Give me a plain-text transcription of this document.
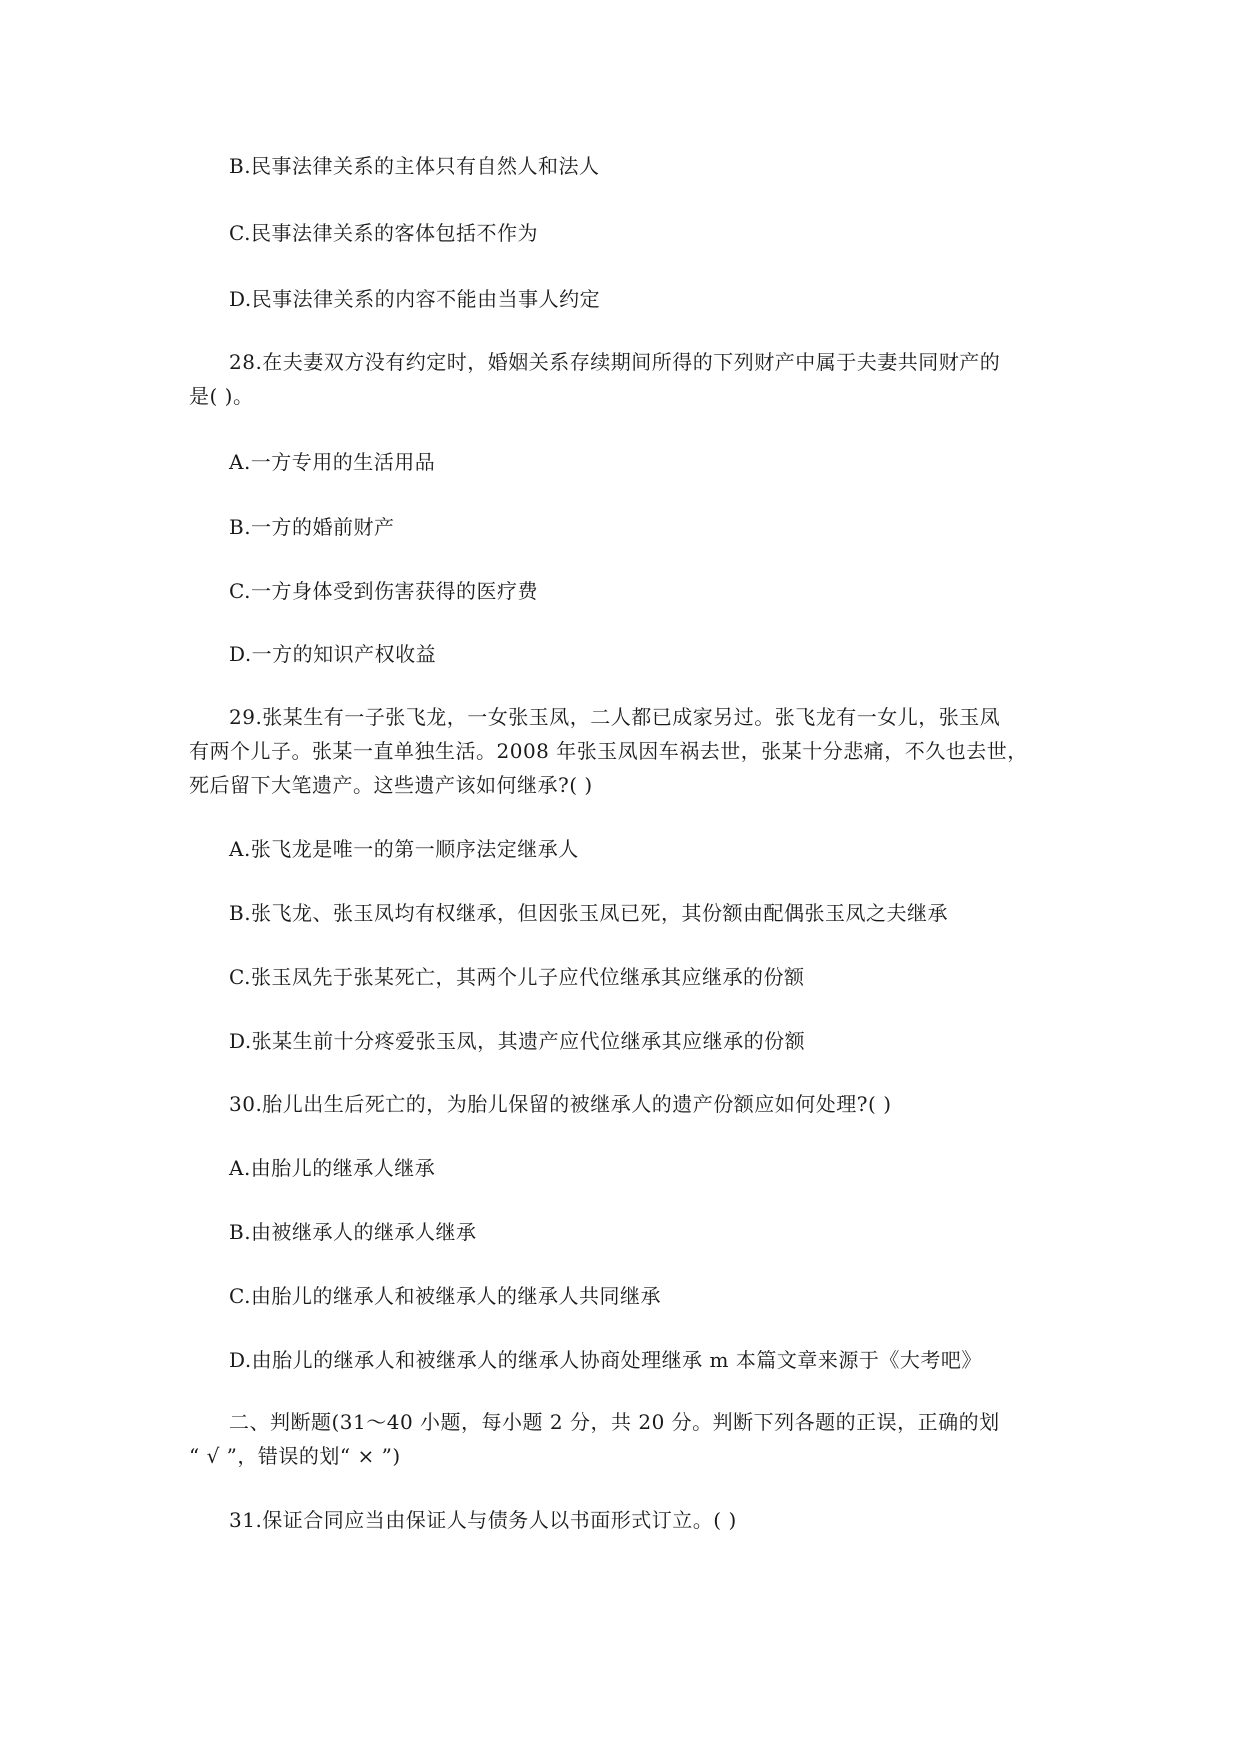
B.民事法律关系的主体只有自然人和法人
C.民事法律关系的客体包括不作为
D.民事法律关系的内容不能由当事人约定
28.在夫妻双方没有约定时，婚姻关系存续期间所得的下列财产中属于夫妻共同财产的
是( )。
A.一方专用的生活用品
B.一方的婚前财产
C.一方身体受到伤害获得的医疗费
D.一方的知识产权收益
29.张某生有一子张飞龙，一女张玉凤，二人都已成家另过。张飞龙有一女儿，张玉凤
有两个儿子。张某一直单独生活。2008 年张玉凤因车祸去世，张某十分悲痛，不久也去世，
死后留下大笔遗产。这些遗产该如何继承?( )
A.张飞龙是唯一的第一顺序法定继承人
B.张飞龙、张玉凤均有权继承，但因张玉凤已死，其份额由配偶张玉凤之夫继承
C.张玉凤先于张某死亡，其两个儿子应代位继承其应继承的份额
D.张某生前十分疼爱张玉凤，其遗产应代位继承其应继承的份额
30.胎儿出生后死亡的，为胎儿保留的被继承人的遗产份额应如何处理?( )
A.由胎儿的继承人继承
B.由被继承人的继承人继承
C.由胎儿的继承人和被继承人的继承人共同继承
D.由胎儿的继承人和被继承人的继承人协商处理继承 m 本篇文章来源于《大考吧》
二、判断题(31～40 小题，每小题 2 分，共 20 分。判断下列各题的正误，正确的划
“ √ ”，错误的划“ × ”)
31.保证合同应当由保证人与债务人以书面形式订立。( )
